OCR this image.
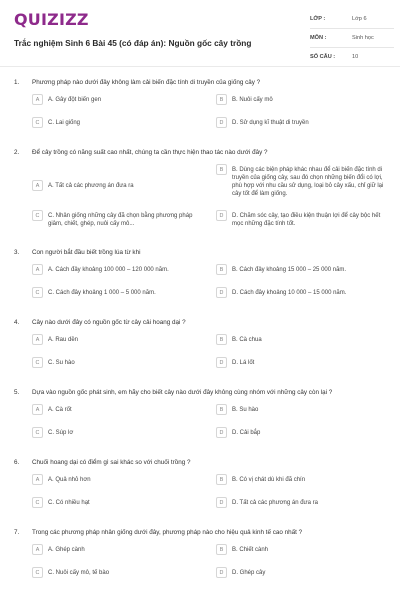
QUIZIZZ
Trắc nghiệm Sinh 6 Bài 45 (có đáp án): Nguồn gốc cây trồng
LỚP :	Lớp 6
MÔN :	Sinh học
SỐ CÂU :	10
1.	Phương pháp nào dưới đây không làm cải biến đặc tính di truyền của giống cây ?
A	A. Gây đột biến gen	B	B. Nuôi cấy mô
C	C. Lai giống	D	D. Sử dụng kĩ thuật di truyền
2.	Để cây trồng có năng suất cao nhất, chúng ta cần thực hiện thao tác nào dưới đây ?
A	A. Tất cả các phương án đưa ra
B	B. Dùng các biện pháp khác nhau để cải biến đặc tính di truyền của giống cây, sau đó chọn những biến đổi có lợi, phù hợp với nhu cầu sử dụng, loại bỏ cây xấu, chỉ giữ lại cây tốt để làm giống.
C	C. Nhân giống những cây đã chọn bằng phương pháp giâm, chiết, ghép, nuôi cấy mô...
D	D. Chăm sóc cây, tạo điều kiện thuận lợi để cây bộc hết mọc những đặc tính tốt.
3.	Con người bắt đầu biết trồng lúa từ khi
A	A. Cách đây khoảng 100 000 – 120 000 năm.	B	B. Cách đây khoảng 15 000 – 25 000 năm.
C	C. Cách đây khoảng 1 000 – 5 000 năm.	D	D. Cách đây khoảng 10 000 – 15 000 năm.
4.	Cây nào dưới đây có nguồn gốc từ cây cải hoang dại ?
A	A. Rau dền	B	B. Cà chua
C	C. Su hào	D	D. Lá lốt
5.	Dựa vào nguồn gốc phát sinh, em hãy cho biết cây nào dưới đây không cùng nhóm với những cây còn lại ?
A	A. Cà rốt	B	B. Su hào
C	C. Súp lơ	D	D. Cải bắp
6.	Chuối hoang dại có điểm gì sai khác so với chuối trồng ?
A	A. Quả nhỏ hơn	B	B. Có vị chát dù khi đã chín
C	C. Có nhiều hạt	D	D. Tất cả các phương án đưa ra
7.	Trong các phương pháp nhân giống dưới đây, phương pháp nào cho hiệu quả kinh tế cao nhất ?
A	A. Ghép cành	B	B. Chiết cành
C	C. Nuôi cấy mô, tế bào	D	D. Ghép cây
